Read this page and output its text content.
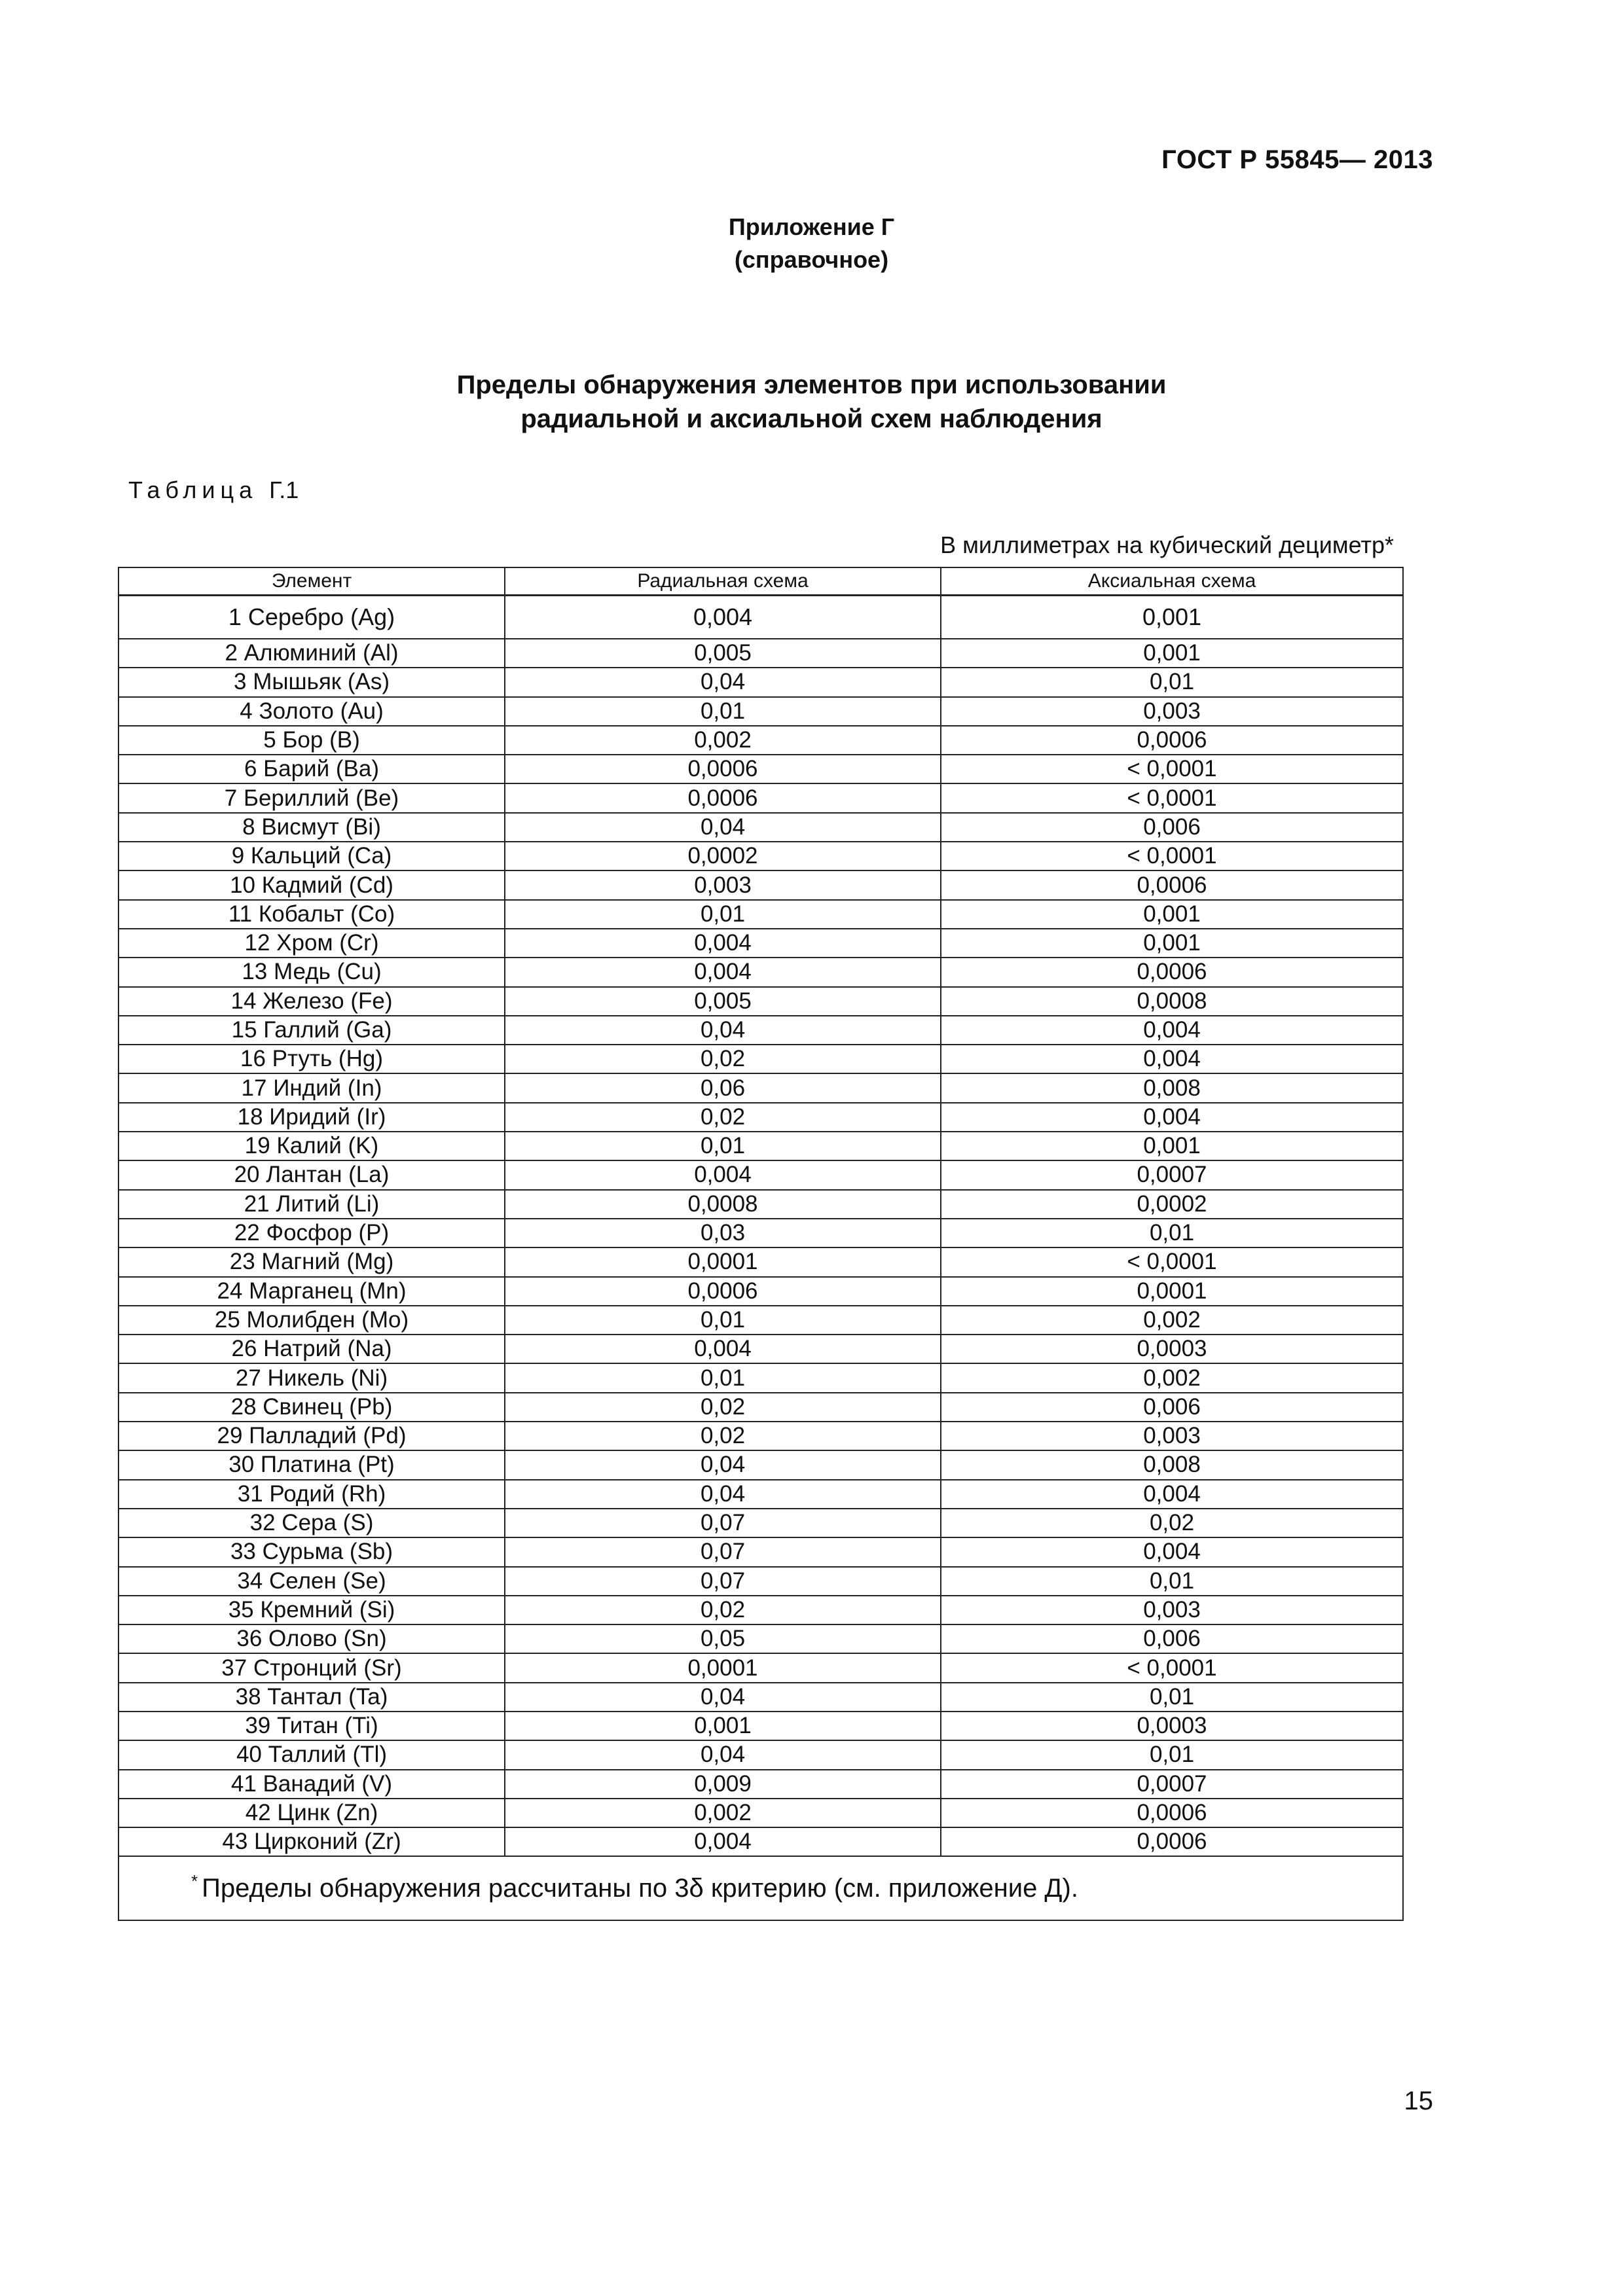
ГОСТ Р 55845— 2013
Приложение Г
(справочное)
Пределы обнаружения элементов при использовании
радиальной и аксиальной схем наблюдения
Таблица Г.1
В миллиметрах на кубический дециметр*
Элемент	Радиальная схема	Аксиальная схема
1 Серебро (Ag)	0,004	0,001
2 Алюминий (Al)	0,005	0,001
3 Мышьяк (As)	0,04	0,01
4 Золото (Au)	0,01	0,003
5 Бор (B)	0,002	0,0006
6 Барий (Ba)	0,0006	< 0,0001
7 Бериллий (Be)	0,0006	< 0,0001
8 Висмут (Bi)	0,04	0,006
9 Кальций (Ca)	0,0002	< 0,0001
10 Кадмий (Cd)	0,003	0,0006
11 Кобальт (Co)	0,01	0,001
12 Хром (Cr)	0,004	0,001
13 Медь (Cu)	0,004	0,0006
14 Железо (Fe)	0,005	0,0008
15 Галлий (Ga)	0,04	0,004
16 Ртуть (Hg)	0,02	0,004
17 Индий (In)	0,06	0,008
18 Иридий (Ir)	0,02	0,004
19 Калий (K)	0,01	0,001
20 Лантан (La)	0,004	0,0007
21 Литий (Li)	0,0008	0,0002
22 Фосфор (P)	0,03	0,01
23 Магний (Mg)	0,0001	< 0,0001
24 Марганец (Mn)	0,0006	0,0001
25 Молибден (Mo)	0,01	0,002
26 Натрий (Na)	0,004	0,0003
27 Никель (Ni)	0,01	0,002
28 Свинец (Pb)	0,02	0,006
29 Палладий (Pd)	0,02	0,003
30 Платина (Pt)	0,04	0,008
31 Родий (Rh)	0,04	0,004
32 Сера (S)	0,07	0,02
33 Сурьма (Sb)	0,07	0,004
34 Селен (Se)	0,07	0,01
35 Кремний (Si)	0,02	0,003
36 Олово (Sn)	0,05	0,006
37 Стронций (Sr)	0,0001	< 0,0001
38 Тантал (Ta)	0,04	0,01
39 Титан (Ti)	0,001	0,0003
40 Таллий (Tl)	0,04	0,01
41 Ванадий (V)	0,009	0,0007
42 Цинк (Zn)	0,002	0,0006
43 Цирконий (Zr)	0,004	0,0006
* Пределы обнаружения рассчитаны по 3δ критерию (см. приложение Д).		
15
